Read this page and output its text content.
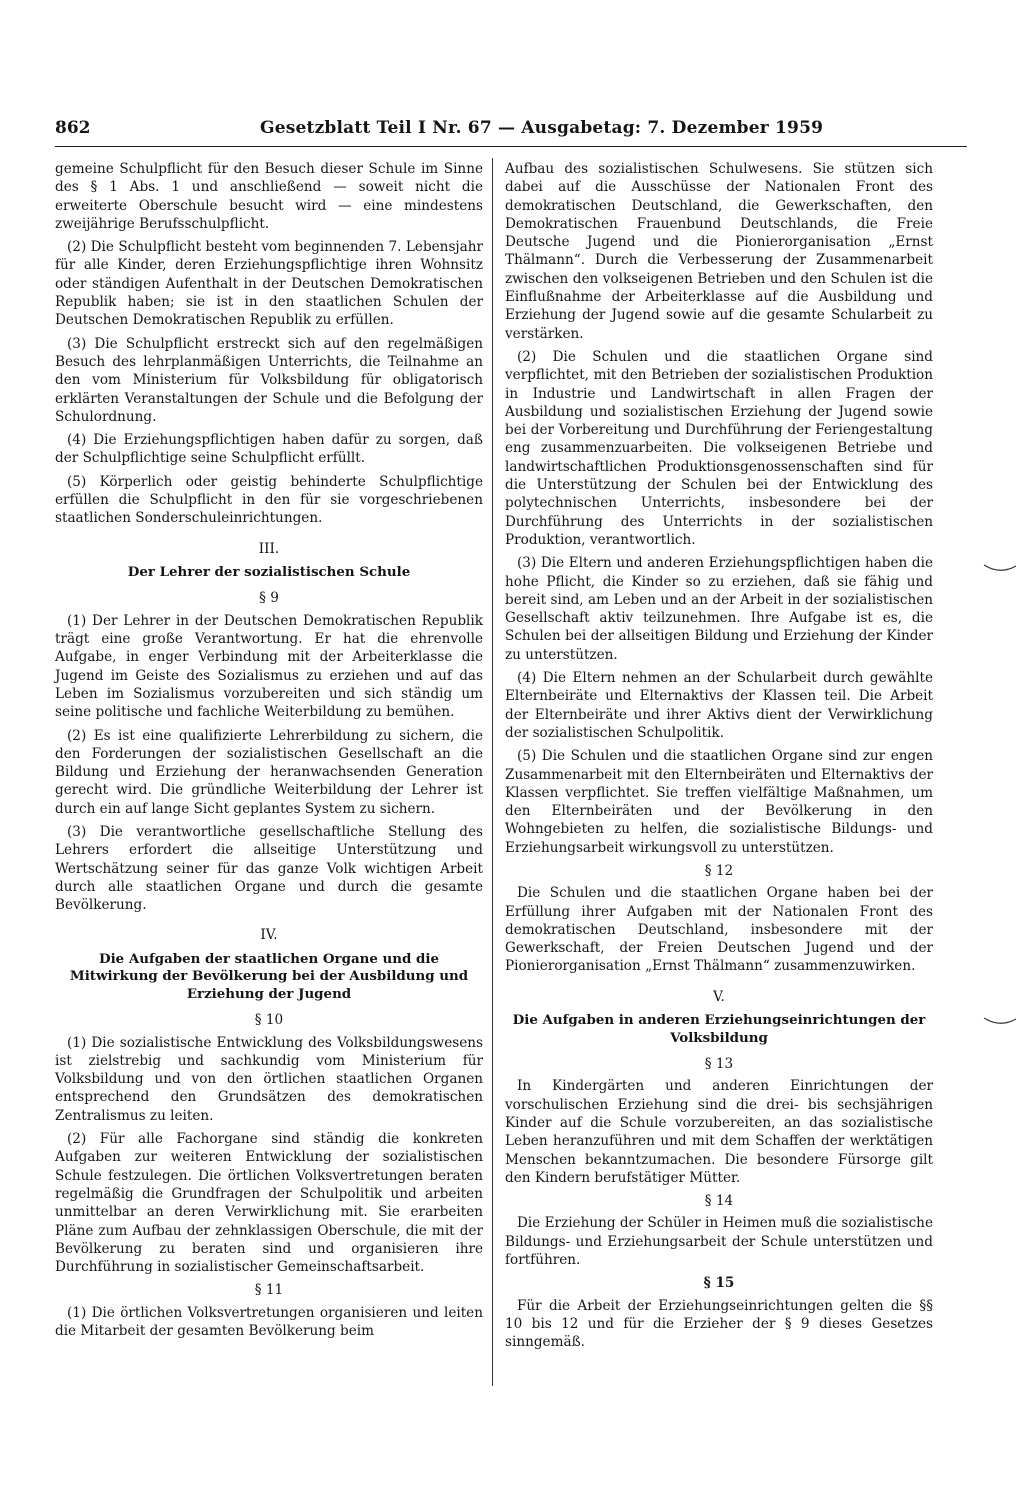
862	Gesetzblatt Teil I Nr. 67 — Ausgabetag: 7. Dezember 1959

gemeine Schulpflicht für den Besuch dieser Schule im Sinne des § 1 Abs. 1 und anschließend — soweit nicht die erweiterte Oberschule besucht wird — eine mindestens zweijährige Berufsschulpflicht.

(2) Die Schulpflicht besteht vom beginnenden 7. Lebensjahr für alle Kinder, deren Erziehungspflichtige ihren Wohnsitz oder ständigen Aufenthalt in der Deutschen Demokratischen Republik haben; sie ist in den staatlichen Schulen der Deutschen Demokratischen Republik zu erfüllen.

(3) Die Schulpflicht erstreckt sich auf den regelmäßigen Besuch des lehrplanmäßigen Unterrichts, die Teilnahme an den vom Ministerium für Volksbildung für obligatorisch erklärten Veranstaltungen der Schule und die Befolgung der Schulordnung.

(4) Die Erziehungspflichtigen haben dafür zu sorgen, daß der Schulpflichtige seine Schulpflicht erfüllt.

(5) Körperlich oder geistig behinderte Schulpflichtige erfüllen die Schulpflicht in den für sie vorgeschriebenen staatlichen Sonderschuleinrichtungen.

III.
Der Lehrer der sozialistischen Schule
§ 9

(1) Der Lehrer in der Deutschen Demokratischen Republik trägt eine große Verantwortung. Er hat die ehrenvolle Aufgabe, in enger Verbindung mit der Arbeiterklasse die Jugend im Geiste des Sozialismus zu erziehen und auf das Leben im Sozialismus vorzubereiten und sich ständig um seine politische und fachliche Weiterbildung zu bemühen.

(2) Es ist eine qualifizierte Lehrerbildung zu sichern, die den Forderungen der sozialistischen Gesellschaft an die Bildung und Erziehung der heranwachsenden Generation gerecht wird. Die gründliche Weiterbildung der Lehrer ist durch ein auf lange Sicht geplantes System zu sichern.

(3) Die verantwortliche gesellschaftliche Stellung des Lehrers erfordert die allseitige Unterstützung und Wertschätzung seiner für das ganze Volk wichtigen Arbeit durch alle staatlichen Organe und durch die gesamte Bevölkerung.

IV.
Die Aufgaben der staatlichen Organe und die Mitwirkung der Bevölkerung bei der Ausbildung und Erziehung der Jugend
§ 10

(1) Die sozialistische Entwicklung des Volksbildungswesens ist zielstrebig und sachkundig vom Ministerium für Volksbildung und von den örtlichen staatlichen Organen entsprechend den Grundsätzen des demokratischen Zentralismus zu leiten.

(2) Für alle Fachorgane sind ständig die konkreten Aufgaben zur weiteren Entwicklung der sozialistischen Schule festzulegen. Die örtlichen Volksvertretungen beraten regelmäßig die Grundfragen der Schulpolitik und arbeiten unmittelbar an deren Verwirklichung mit. Sie erarbeiten Pläne zum Aufbau der zehnklassigen Oberschule, die mit der Bevölkerung zu beraten sind und organisieren ihre Durchführung in sozialistischer Gemeinschaftsarbeit.

§ 11

(1) Die örtlichen Volksvertretungen organisieren und leiten die Mitarbeit der gesamten Bevölkerung beim

Aufbau des sozialistischen Schulwesens. Sie stützen sich dabei auf die Ausschüsse der Nationalen Front des demokratischen Deutschland, die Gewerkschaften, den Demokratischen Frauenbund Deutschlands, die Freie Deutsche Jugend und die Pionierorganisation „Ernst Thälmann“. Durch die Verbesserung der Zusammenarbeit zwischen den volkseigenen Betrieben und den Schulen ist die Einflußnahme der Arbeiterklasse auf die Ausbildung und Erziehung der Jugend sowie auf die gesamte Schularbeit zu verstärken.

(2) Die Schulen und die staatlichen Organe sind verpflichtet, mit den Betrieben der sozialistischen Produktion in Industrie und Landwirtschaft in allen Fragen der Ausbildung und sozialistischen Erziehung der Jugend sowie bei der Vorbereitung und Durchführung der Feriengestaltung eng zusammenzuarbeiten. Die volkseigenen Betriebe und landwirtschaftlichen Produktionsgenossenschaften sind für die Unterstützung der Schulen bei der Entwicklung des polytechnischen Unterrichts, insbesondere bei der Durchführung des Unterrichts in der sozialistischen Produktion, verantwortlich.

(3) Die Eltern und anderen Erziehungspflichtigen haben die hohe Pflicht, die Kinder so zu erziehen, daß sie fähig und bereit sind, am Leben und an der Arbeit in der sozialistischen Gesellschaft aktiv teilzunehmen. Ihre Aufgabe ist es, die Schulen bei der allseitigen Bildung und Erziehung der Kinder zu unterstützen.

(4) Die Eltern nehmen an der Schularbeit durch gewählte Elternbeiräte und Elternaktivs der Klassen teil. Die Arbeit der Elternbeiräte und ihrer Aktivs dient der Verwirklichung der sozialistischen Schulpolitik.

(5) Die Schulen und die staatlichen Organe sind zur engen Zusammenarbeit mit den Elternbeiräten und Elternaktivs der Klassen verpflichtet. Sie treffen vielfältige Maßnahmen, um den Elternbeiräten und der Bevölkerung in den Wohngebieten zu helfen, die sozialistische Bildungs- und Erziehungsarbeit wirkungsvoll zu unterstützen.

§ 12

Die Schulen und die staatlichen Organe haben bei der Erfüllung ihrer Aufgaben mit der Nationalen Front des demokratischen Deutschland, insbesondere mit der Gewerkschaft, der Freien Deutschen Jugend und der Pionierorganisation „Ernst Thälmann“ zusammenzuwirken.

V.
Die Aufgaben in anderen Erziehungseinrichtungen der Volksbildung
§ 13

In Kindergärten und anderen Einrichtungen der vorschulischen Erziehung sind die drei- bis sechsjährigen Kinder auf die Schule vorzubereiten, an das sozialistische Leben heranzuführen und mit dem Schaffen der werktätigen Menschen bekanntzumachen. Die besondere Fürsorge gilt den Kindern berufstätiger Mütter.

§ 14

Die Erziehung der Schüler in Heimen muß die sozialistische Bildungs- und Erziehungsarbeit der Schule unterstützen und fortführen.

§ 15

Für die Arbeit der Erziehungseinrichtungen gelten die §§ 10 bis 12 und für die Erzieher der § 9 dieses Gesetzes sinngemäß.
